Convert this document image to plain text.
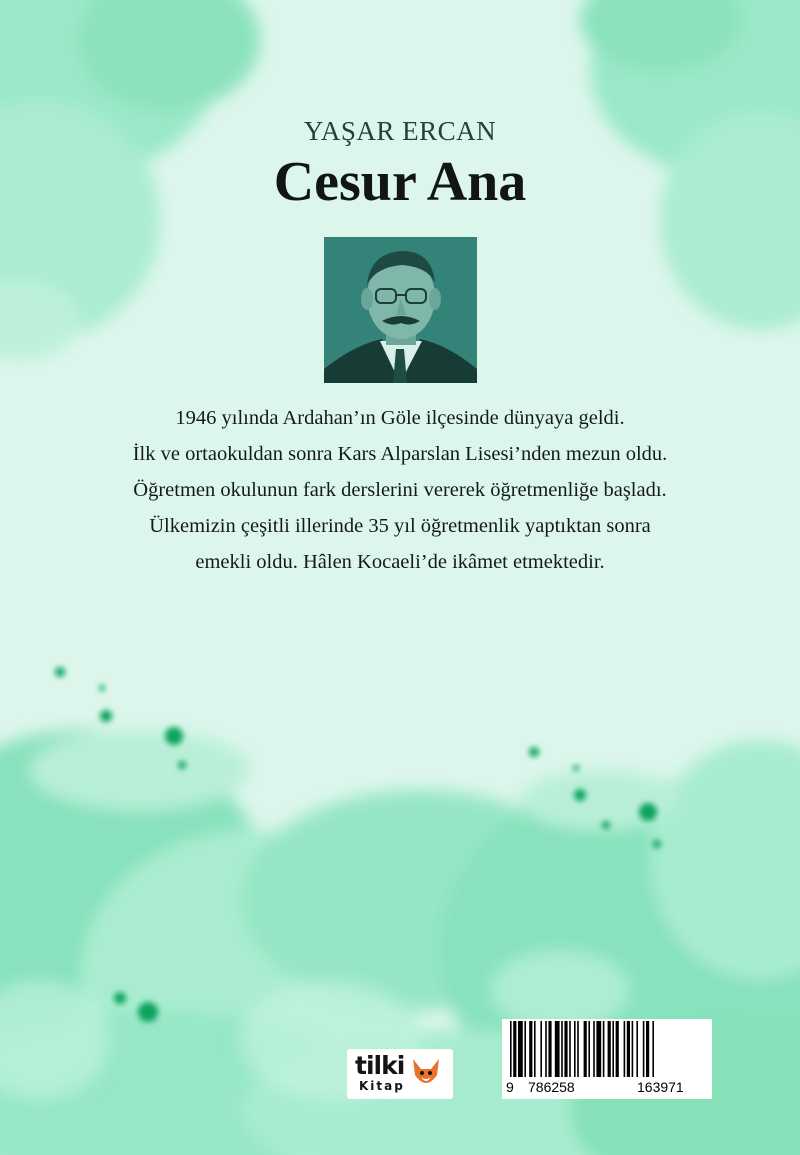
YAŞAR ERCAN
Cesur Ana

1946 yılında Ardahan’ın Göle ilçesinde dünyaya geldi.

İlk ve ortaokuldan sonra Kars Alparslan Lisesi’nden mezun oldu.

Öğretmen okulunun fark derslerini vererek öğretmenliğe başladı.

Ülkemizin çeşitli illerinde 35 yıl öğretmenlik yaptıktan sonra

emekli oldu. Hâlen Kocaeli’de ikâmet etmektedir.

tilki
Kitap	9 786258	163971
